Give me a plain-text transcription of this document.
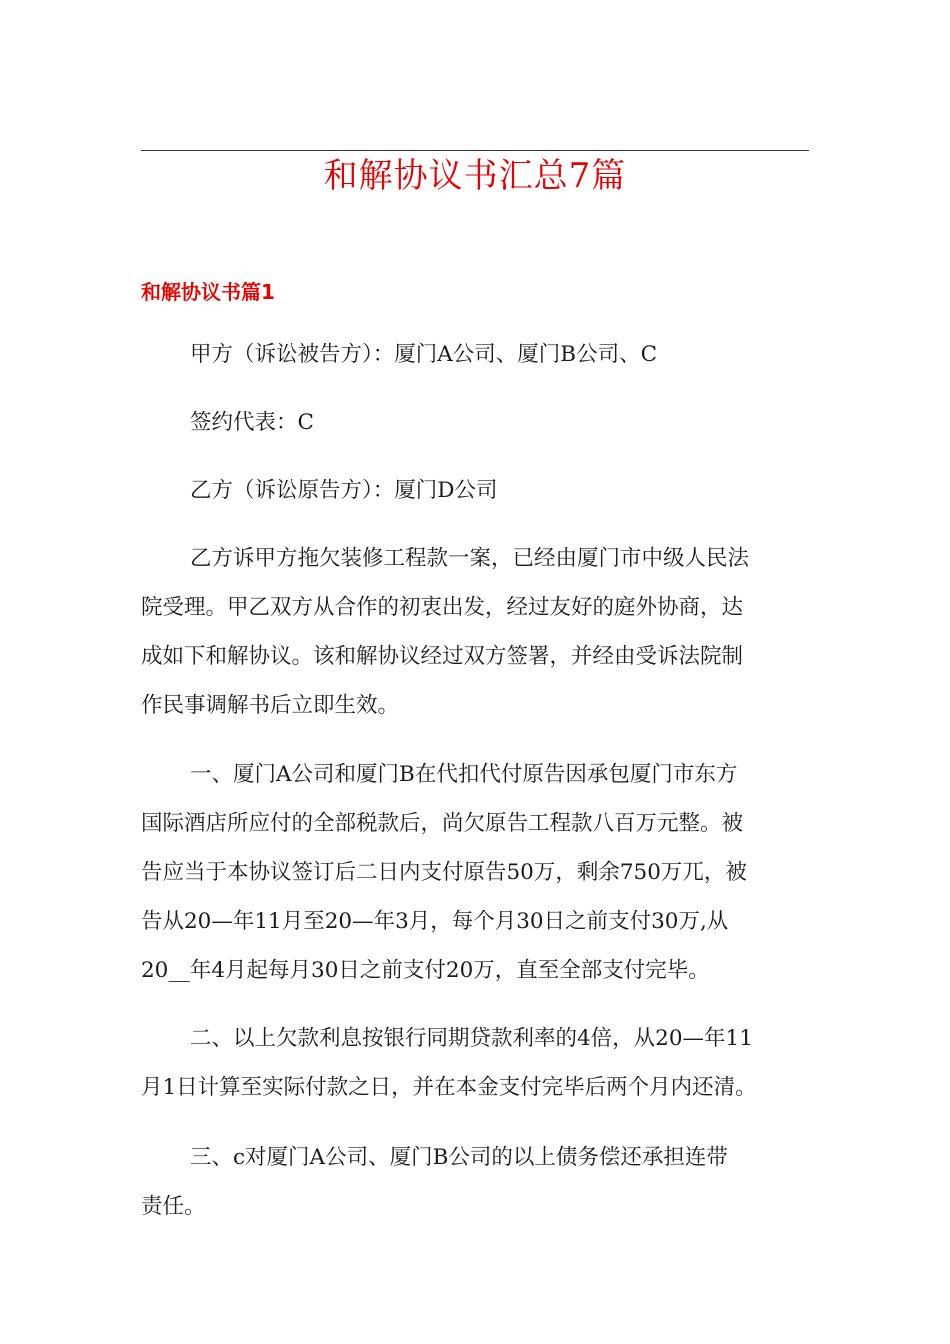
和解协议书汇总7篇
和解协议书篇1

甲方（诉讼被告方）：厦门A公司、厦门B公司、C

签约代表：C

乙方（诉讼原告方）：厦门D公司

乙方诉甲方拖欠装修工程款一案，已经由厦门市中级人民法
院受理。甲乙双方从合作的初衷出发，经过友好的庭外协商，达
成如下和解协议。该和解协议经过双方签署，并经由受诉法院制
作民事调解书后立即生效。

一、厦门A公司和厦门B在代扣代付原告因承包厦门市东方
国际酒店所应付的全部税款后，尚欠原告工程款八百万元整。被
告应当于本协议签订后二日内支付原告50万，剩余750万兀，被
告从20—年11月至20—年3月，每个月30日之前支付30万,从
20__年4月起每月30日之前支付20万，直至全部支付完毕。

二、以上欠款利息按银行同期贷款利率的4倍，从20—年11
月1日计算至实际付款之日，并在本金支付完毕后两个月内还清。

三、c对厦门A公司、厦门B公司的以上债务偿还承担连带
责任。
